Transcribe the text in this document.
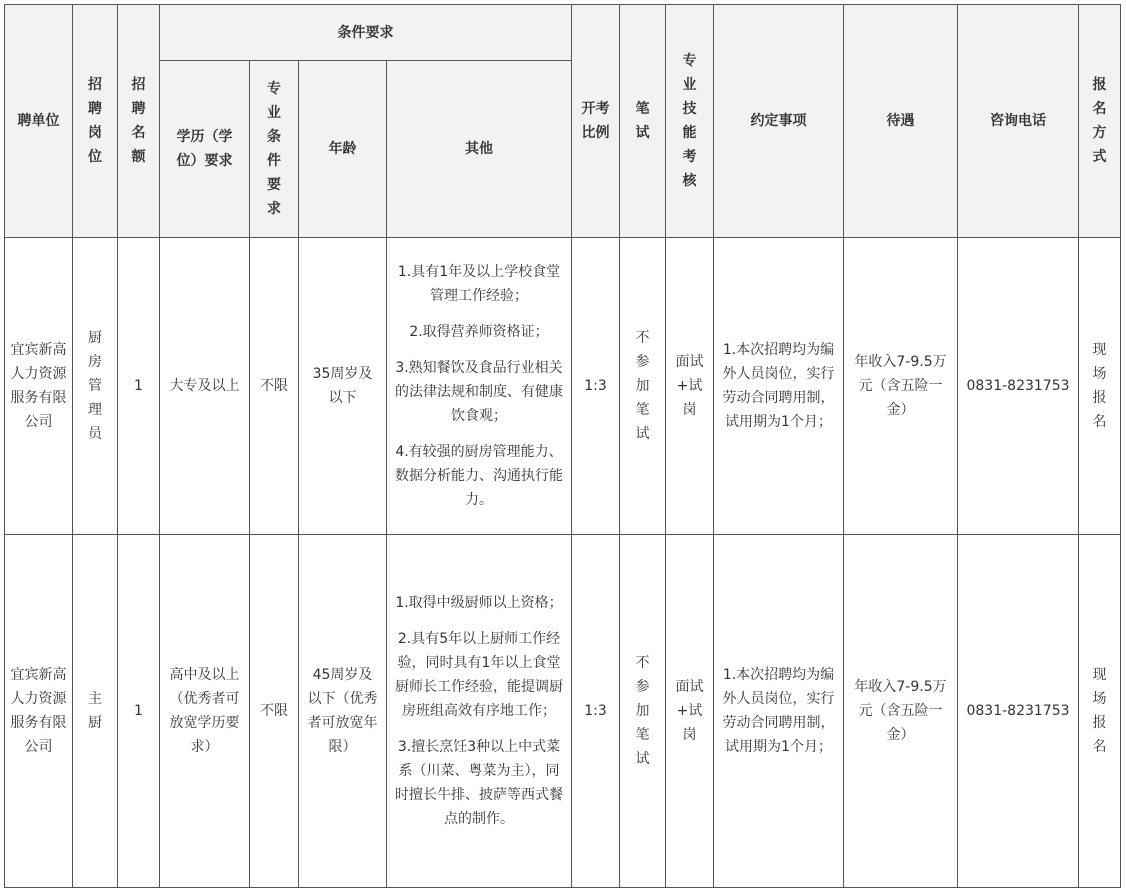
聘单位	招聘岗位	招聘名额	条件要求				开考比例	笔试	专业技能考核	约定事项	待遇	咨询电话	报名方式

			学历（学位）要求	专业条件要求	年龄	其他							
宜宾新高人力资源服务有限公司	厨房管理员	1	大专及以上	不限	35周岁及以下	1.具有1年及以上学校食堂管理工作经验；

2.取得营养师资格证；

3.熟知餐饮及食品行业相关的法律法规和制度、有健康饮食观；

4.有较强的厨房管理能力、数据分析能力、沟通执行能力。	1:3	不参加笔试	面试+试岗	1.本次招聘均为编外人员岗位，实行劳动合同聘用制，试用期为1个月；	年收入7-9.5万元（含五险一金）	0831-8231753	现场报名

宜宾新高人力资源服务有限公司	主厨	1	高中及以上（优秀者可放宽学历要求）	不限	45周岁及以下（优秀者可放宽年限）	1.取得中级厨师以上资格；

2.具有5年以上厨师工作经验，同时具有1年以上食堂厨师长工作经验，能提调厨房班组高效有序地工作；

3.擅长烹饪3种以上中式菜系（川菜、粤菜为主），同时擅长牛排、披萨等西式餐点的制作。	1:3	不参加笔试	面试+试岗	1.本次招聘均为编外人员岗位，实行劳动合同聘用制，试用期为1个月；	年收入7-9.5万元（含五险一金）	0831-8231753	现场报名
